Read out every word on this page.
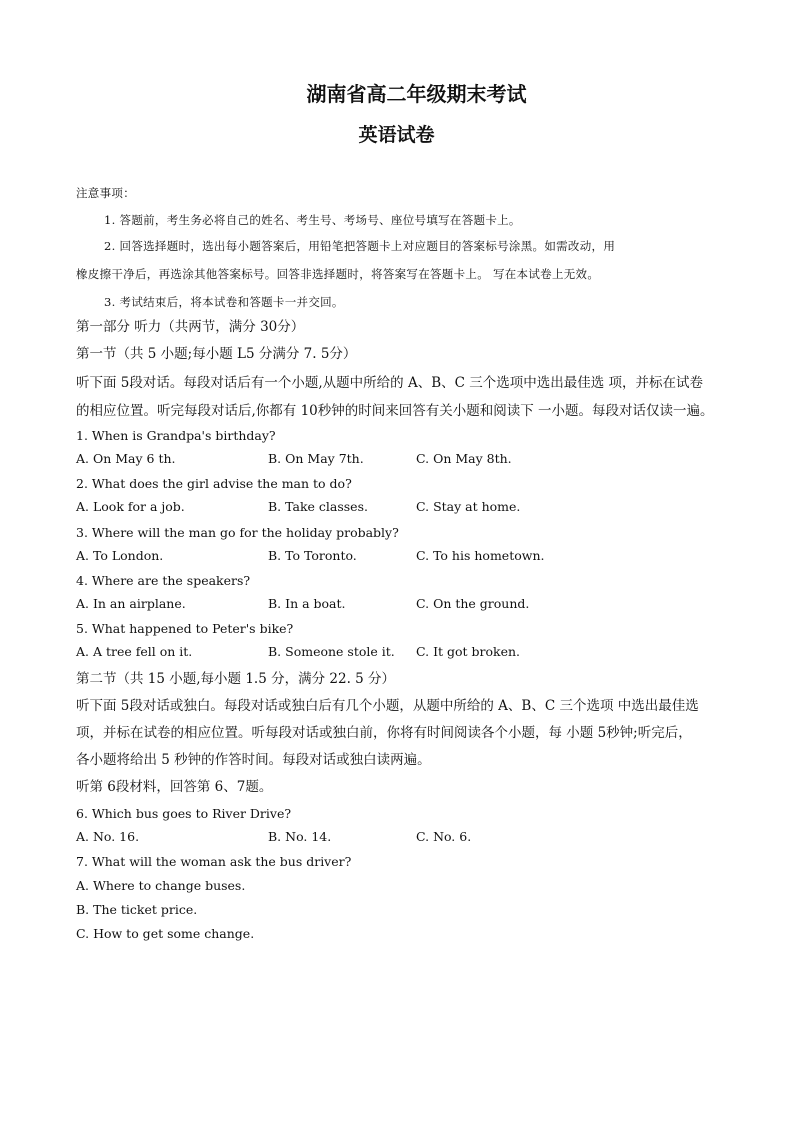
湖南省高二年级期末考试
英语试卷
注意事项：
1. 答题前，考生务必将自己的姓名、考生号、考场号、座位号填写在答题卡上。
2. 回答选择题时，选出每小题答案后，用铅笔把答题卡上对应题目的答案标号涂黑。如需改动，用
橡皮擦干净后，再选涂其他答案标号。回答非选择题时，将答案写在答题卡上。 写在本试卷上无效。
3. 考试结束后，将本试卷和答题卡一并交回。
第一部分 听力（共两节，满分 30分）
第一节（共 5 小题;每小题 L5 分满分 7. 5分）
听下面 5段对话。每段对话后有一个小题,从题中所给的 A、B、C 三个选项中选出最佳选 项，并标在试卷
的相应位置。听完每段对话后,你都有 10秒钟的时间来回答有关小题和阅读下 一小题。每段对话仅读一遍。
1. When is Grandpa's birthday?
A. On May 6 th.	B. On May 7th.	C. On May 8th.
2. What does the girl advise the man to do?
A. Look for a job.	B. Take classes.	C. Stay at home.
3. Where will the man go for the holiday probably?
A. To London.	B. To Toronto.	C. To his hometown.
4. Where are the speakers?
A. In an airplane.	B. In a boat.	C. On the ground.
5. What happened to Peter's bike?
A. A tree fell on it.	B. Someone stole it. C. It got broken.
第二节（共 15 小题,每小题 1.5 分，满分 22. 5 分）
听下面 5段对话或独白。每段对话或独白后有几个小题，从题中所给的 A、B、C 三个选项 中选出最佳选
项，并标在试卷的相应位置。听每段对话或独白前，你将有时间阅读各个小题，每 小题 5秒钟;听完后，
各小题将给出 5 秒钟的作答时间。每段对话或独白读两遍。
听第 6段材料，回答第 6、7题。
6. Which bus goes to River Drive?
A. No. 16.	B. No. 14.	C. No. 6.
7. What will the woman ask the bus driver?
A. Where to change buses.
B. The ticket price.
C. How to get some change.
